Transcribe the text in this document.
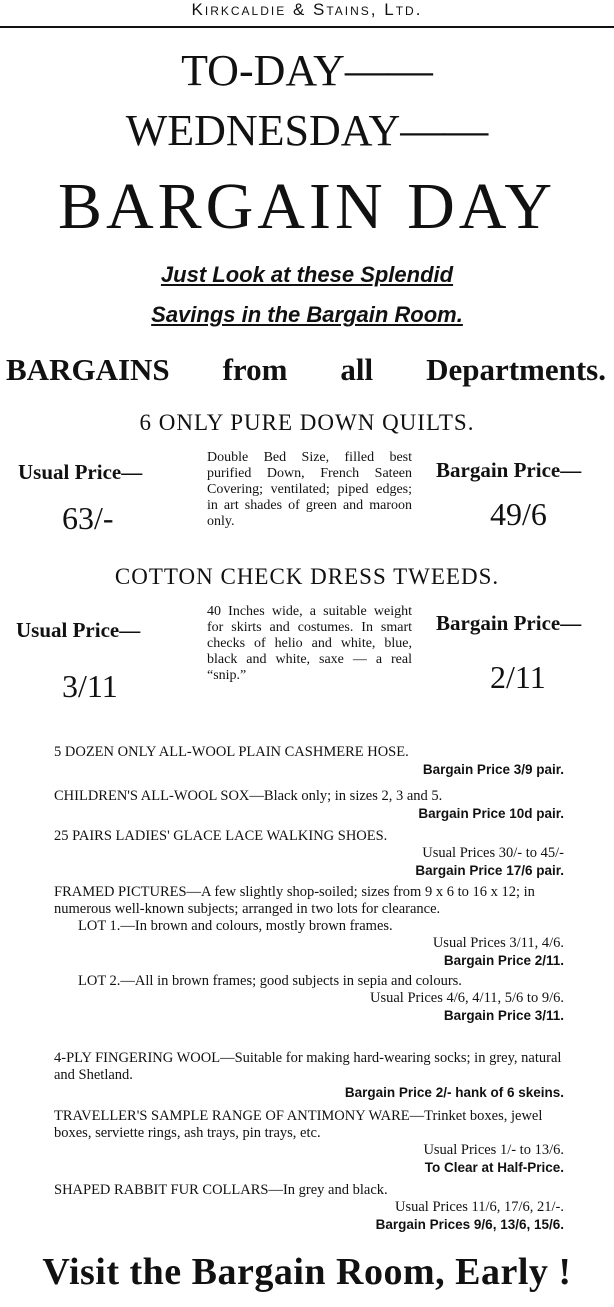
Kirkcaldie & Stains, Ltd.
TO-DAY——
WEDNESDAY——
BARGAIN DAY
Just Look at these Splendid
Savings in the Bargain Room.
BARGAINS from all Departments.
6 ONLY PURE DOWN QUILTS.
Usual Price—
63/-
Double Bed Size, filled best purified Down, French Sateen Covering; ventilated; piped edges; in art shades of green and maroon only.
Bargain Price—
49/6
COTTON CHECK DRESS TWEEDS.
Usual Price—
3/11
40 Inches wide, a suitable weight for skirts and costumes. In smart checks of helio and white, blue, black and white, saxe — a real “snip.”
Bargain Price—
2/11
5 DOZEN ONLY ALL-WOOL PLAIN CASHMERE HOSE.
Bargain Price 3/9 pair.
CHILDREN'S ALL-WOOL SOX—Black only; in sizes 2, 3 and 5.
Bargain Price 10d pair.
25 PAIRS LADIES' GLACE LACE WALKING SHOES.
Usual Prices 30/- to 45/-
Bargain Price 17/6 pair.
FRAMED PICTURES—A few slightly shop-soiled; sizes from 9 x 6 to 16 x 12; in numerous well-known subjects; arranged in two lots for clearance.
LOT 1.—In brown and colours, mostly brown frames.
Usual Prices 3/11, 4/6.
Bargain Price 2/11.
LOT 2.—All in brown frames; good subjects in sepia and colours.
Usual Prices 4/6, 4/11, 5/6 to 9/6.
Bargain Price 3/11.
4-PLY FINGERING WOOL—Suitable for making hard-wearing socks; in grey, natural and Shetland.
Bargain Price 2/- hank of 6 skeins.
TRAVELLER'S SAMPLE RANGE OF ANTIMONY WARE—Trinket boxes, jewel boxes, serviette rings, ash trays, pin trays, etc.
Usual Prices 1/- to 13/6.
To Clear at Half-Price.
SHAPED RABBIT FUR COLLARS—In grey and black.
Usual Prices 11/6, 17/6, 21/-.
Bargain Prices 9/6, 13/6, 15/6.
Visit the Bargain Room, Early !
